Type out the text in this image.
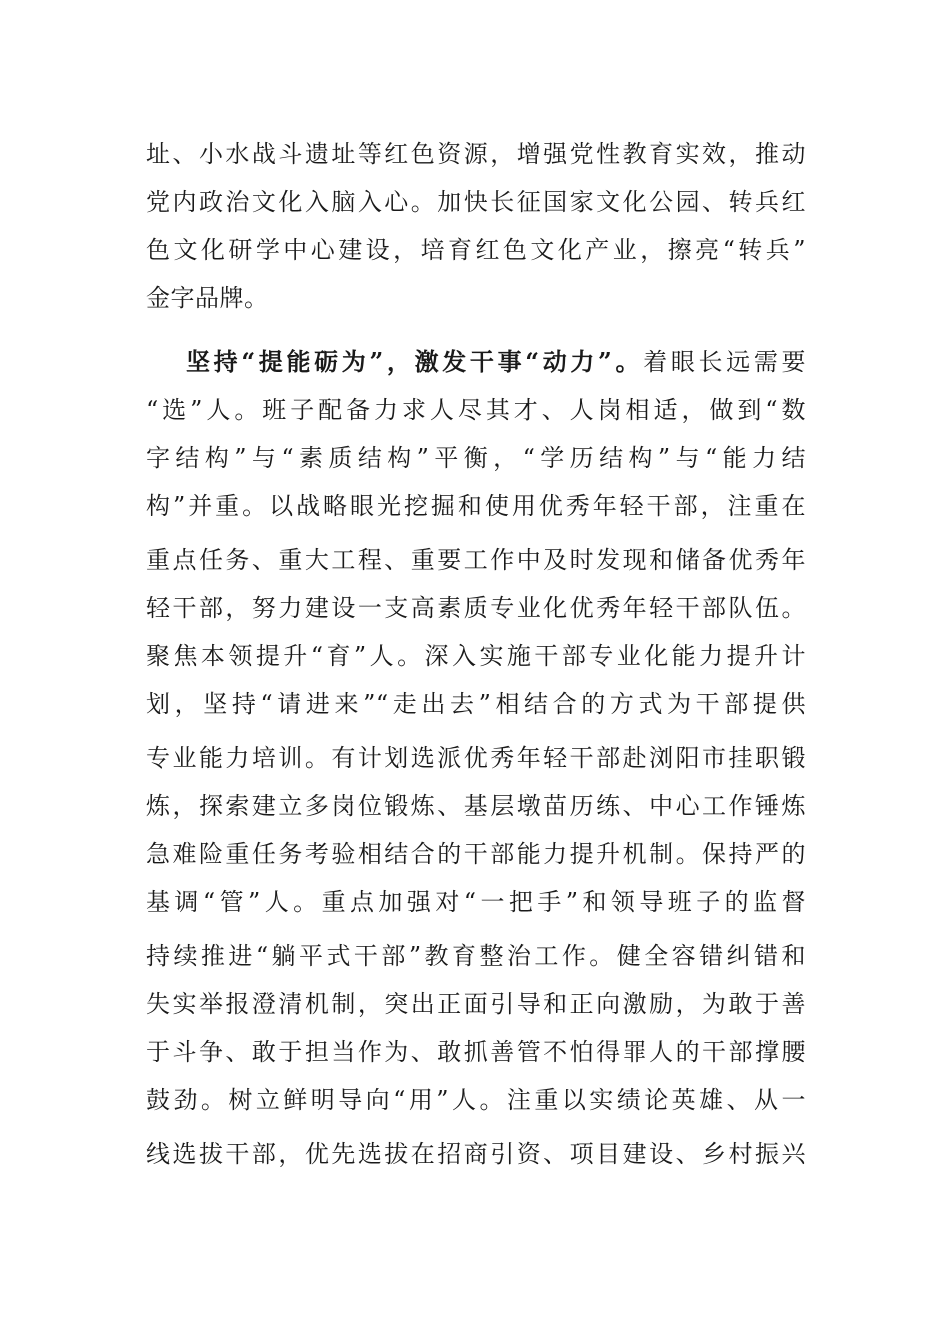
址、小水战斗遗址等红色资源，增强党性教育实效，推动
党内政治文化入脑入心。加快长征国家文化公园、转兵红
色文化研学中心建设，培育红色文化产业，擦亮“转兵”
金字品牌。
坚持“提能砺为”，激发干事“动力”。着眼长远需要
“选”人。班子配备力求人尽其才、人岗相适，做到“数
字结构”与“素质结构”平衡，“学历结构”与“能力结
构”并重。以战略眼光挖掘和使用优秀年轻干部，注重在
重点任务、重大工程、重要工作中及时发现和储备优秀年
轻干部，努力建设一支高素质专业化优秀年轻干部队伍。
聚焦本领提升“育”人。深入实施干部专业化能力提升计
划，坚持“请进来”“走出去”相结合的方式为干部提供
专业能力培训。有计划选派优秀年轻干部赴浏阳市挂职锻
炼，探索建立多岗位锻炼、基层墩苗历练、中心工作锤炼
急难险重任务考验相结合的干部能力提升机制。保持严的
基调“管”人。重点加强对“一把手”和领导班子的监督
持续推进“躺平式干部”教育整治工作。健全容错纠错和
失实举报澄清机制，突出正面引导和正向激励，为敢于善
于斗争、敢于担当作为、敢抓善管不怕得罪人的干部撑腰
鼓劲。树立鲜明导向“用”人。注重以实绩论英雄、从一
线选拔干部，优先选拔在招商引资、项目建设、乡村振兴
